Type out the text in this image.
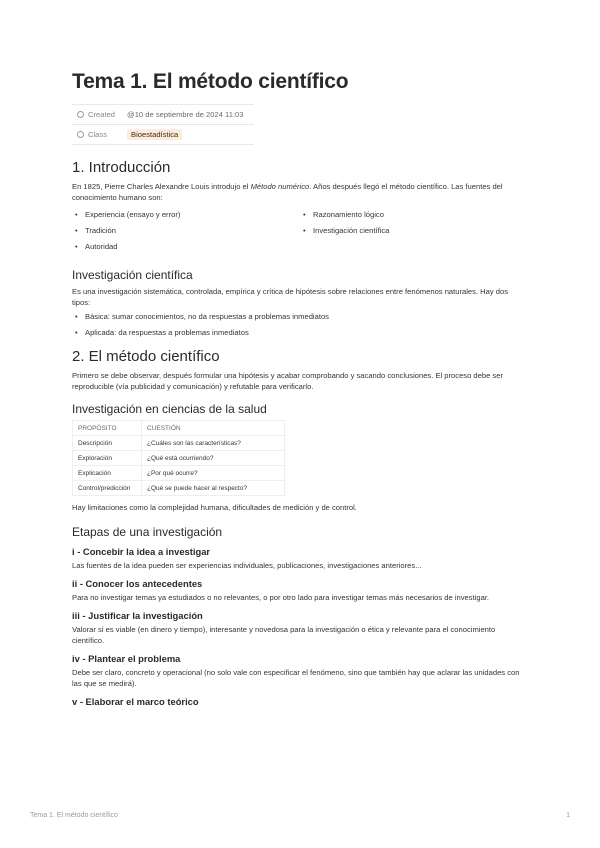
Tema 1. El método científico
Created @10 de septiembre de 2024 11:03
Class	Bioestadística
1. Introducción

En 1825, Pierre Charles Alexandre Louis introdujo el Método numérico. Años después llegó el método científico. Las fuentes del conocimiento humano son:

• Experiencia (ensayo y error)
• Tradición
• Autoridad
• Razonamiento lógico
• Investigación científica
Investigación científica

Es una investigación sistemática, controlada, empírica y crítica de hipótesis sobre relaciones entre fenómenos naturales. Hay dos tipos:

• Básica: sumar conocimientos, no da respuestas a problemas inmediatos
• Aplicada: da respuestas a problemas inmediatos
2. El método científico

Primero se debe observar, después formular una hipótesis y acabar comprobando y sacando conclusiones. El proceso debe ser reproducible (vía publicidad y comunicación) y refutable para verificarlo.

Investigación en ciencias de la salud
PROPÓSITO	CUESTIÓN
Descripción	¿Cuáles son las características?
Exploración	¿Qué está ocurriendo?
Explicación	¿Por qué ocurre?
Control/predicción	¿Qué se puede hacer al respecto?

Hay limitaciones como la complejidad humana, dificultades de medición y de control.

Etapas de una investigación
i - Concebir la idea a investigar

Las fuentes de la idea pueden ser experiencias individuales, publicaciones, investigaciones anteriores...

ii - Conocer los antecedentes

Para no investigar temas ya estudiados o no relevantes, o por otro lado para investigar temas más necesarios de investigar.

iii - Justificar la investigación

Valorar si es viable (en dinero y tiempo), interesante y novedosa para la investigación o ética y relevante para el conocimiento científico.

iv - Plantear el problema

Debe ser claro, concreto y operacional (no solo vale con especificar el fenómeno, sino que también hay que aclarar las unidades con las que se medirá).

v - Elaborar el marco teórico
Tema 1. El método científico	1
